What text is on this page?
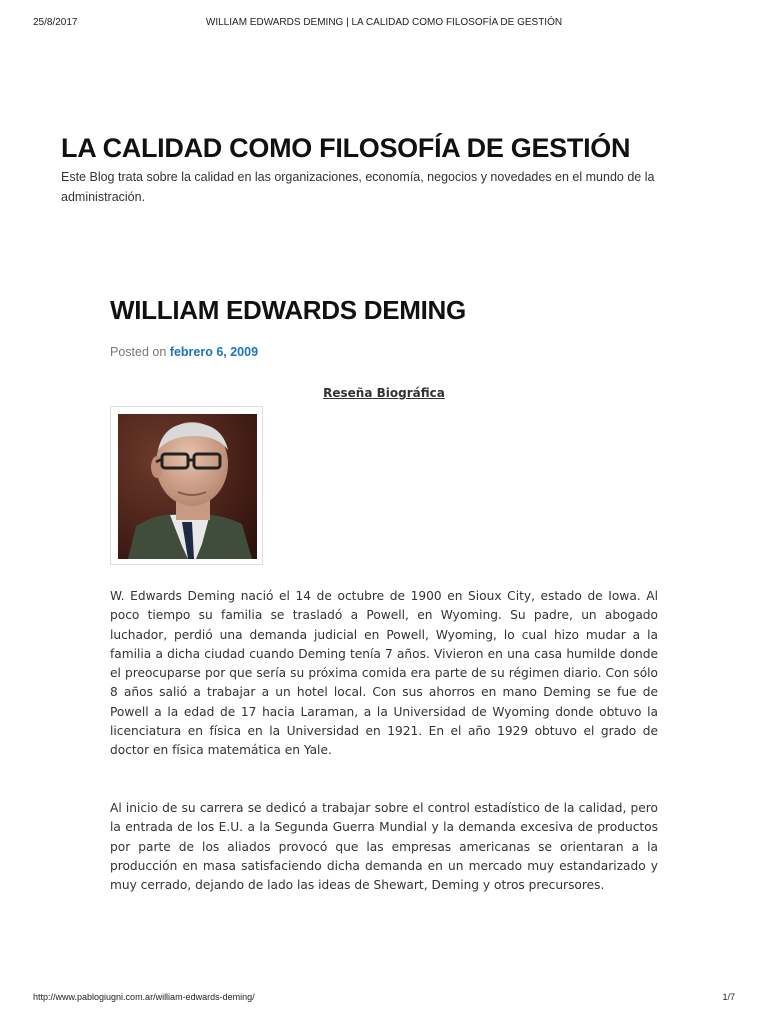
25/8/2017	WILLIAM EDWARDS DEMING | LA CALIDAD COMO FILOSOFÍA DE GESTIÓN
LA CALIDAD COMO FILOSOFÍA DE GESTIÓN

Este Blog trata sobre la calidad en las organizaciones, economía, negocios y novedades en el mundo de la administración.

WILLIAM EDWARDS DEMING
Posted on febrero 6, 2009
Reseña Biográfica

W. Edwards Deming nació el 14 de octubre de 1900 en Sioux City, estado de Iowa. Al poco tiempo su familia se trasladó a Powell, en Wyoming. Su padre, un abogado luchador, perdió una demanda judicial en Powell, Wyoming, lo cual hizo mudar a la familia a dicha ciudad cuando Deming tenía 7 años. Vivieron en una casa humilde donde el preocuparse por que sería su próxima comida era parte de su régimen diario. Con sólo 8 años salió a trabajar a un hotel local. Con sus ahorros en mano Deming se fue de Powell a la edad de 17 hacia Laraman, a la Universidad de Wyoming donde obtuvo la licenciatura en física en la Universidad en 1921. En el año 1929 obtuvo el grado de doctor en física matemática en Yale.

Al inicio de su carrera se dedicó a trabajar sobre el control estadístico de la calidad, pero la entrada de los E.U. a la Segunda Guerra Mundial y la demanda excesiva de productos por parte de los aliados provocó que las empresas americanas se orientaran a la producción en masa satisfaciendo dicha demanda en un mercado muy estandarizado y muy cerrado, dejando de lado las ideas de Shewart, Deming y otros precursores.

http://www.pablogiugni.com.ar/william-edwards-deming/	1/7
